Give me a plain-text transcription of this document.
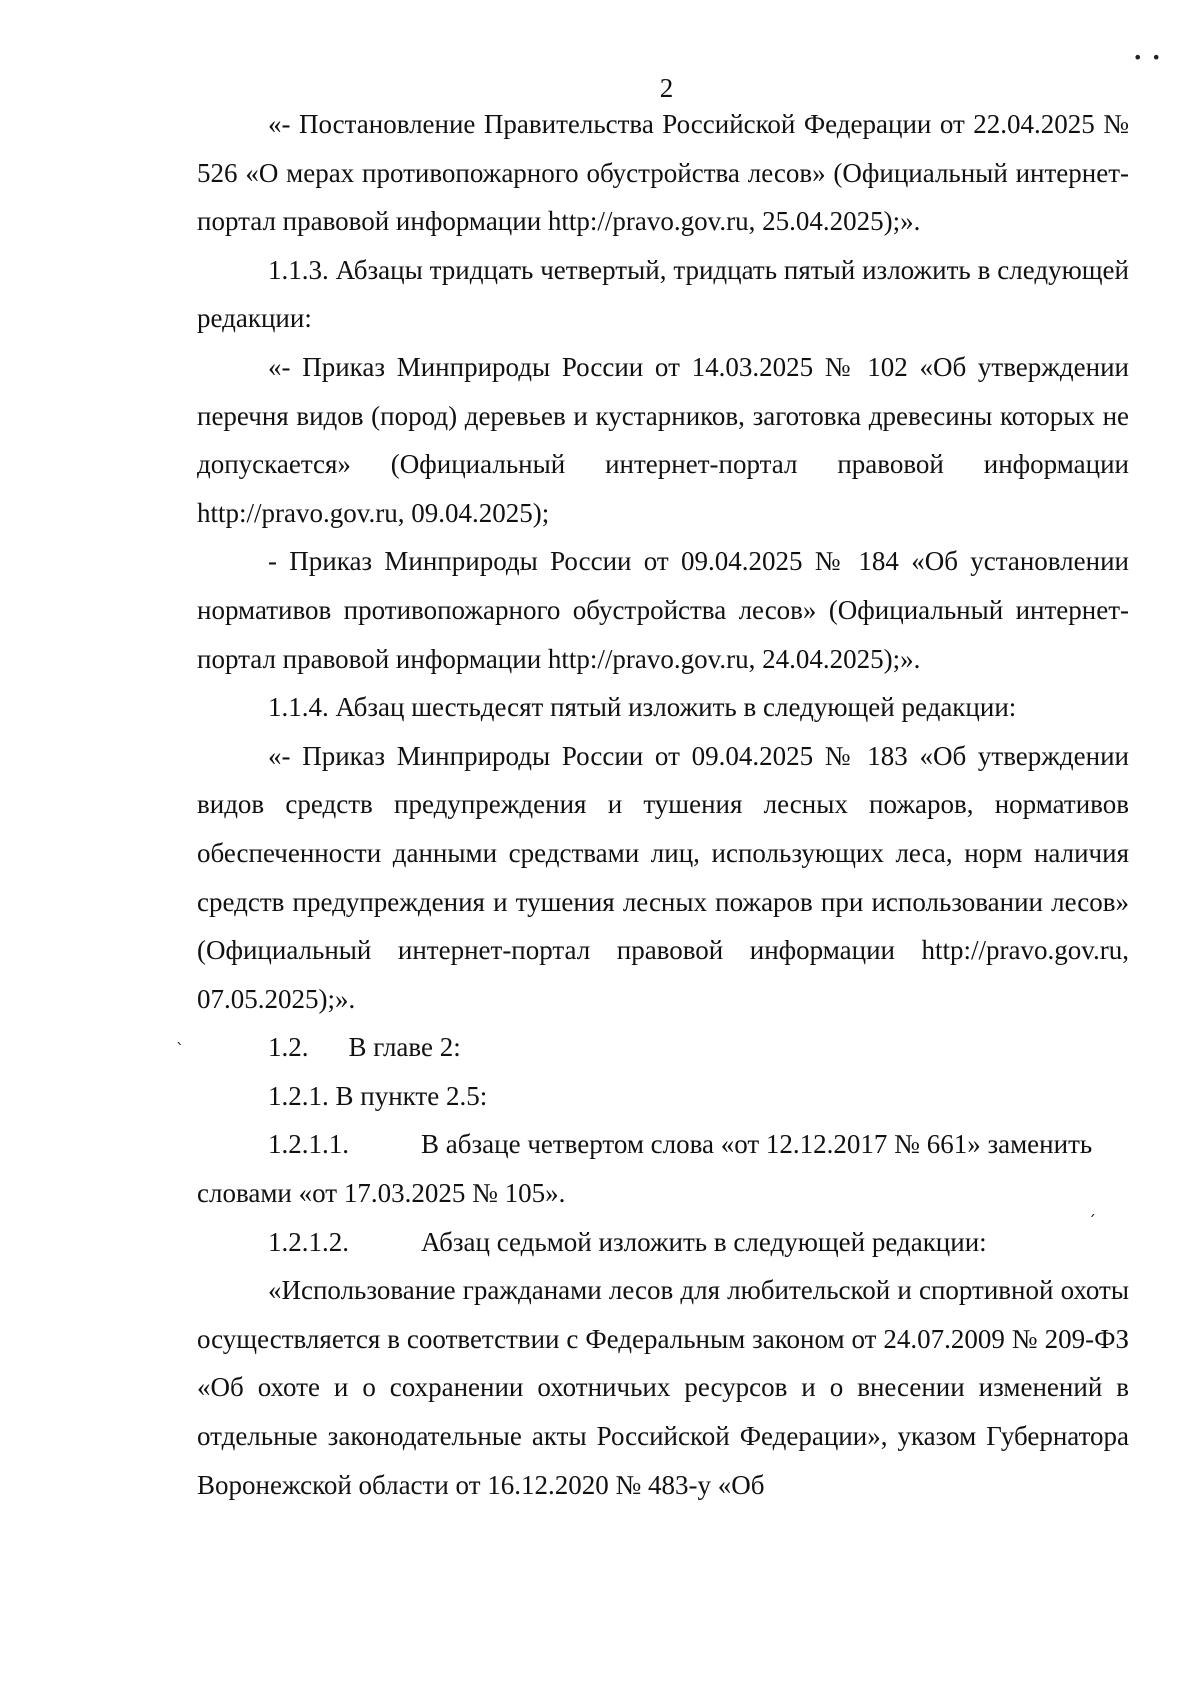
• •
2

«- Постановление Правительства Российской Федерации от 22.04.2025 № 526 «О мерах противопожарного обустройства лесов» (Официальный интернет-портал правовой информации http://pravo.gov.ru, 25.04.2025);».

1.1.3. Абзацы тридцать четвертый, тридцать пятый изложить в следующей редакции:

«- Приказ Минприроды России от 14.03.2025 № 102 «Об утверждении перечня видов (пород) деревьев и кустарников, заготовка древесины которых не допускается» (Официальный интернет-портал правовой информации http://pravo.gov.ru, 09.04.2025);

- Приказ Минприроды России от 09.04.2025 № 184 «Об установлении нормативов противопожарного обустройства лесов» (Официальный интернет-портал правовой информации http://pravo.gov.ru, 24.04.2025);».

1.1.4. Абзац шестьдесят пятый изложить в следующей редакции:

«- Приказ Минприроды России от 09.04.2025 № 183 «Об утверждении видов средств предупреждения и тушения лесных пожаров, нормативов обеспеченности данными средствами лиц, использующих леса, норм наличия средств предупреждения и тушения лесных пожаров при использовании лесов» (Официальный интернет-портал правовой информации http://pravo.gov.ru, 07.05.2025);».

1.2. В главе 2:

1.2.1. В пункте 2.5:

1.2.1.1.	В абзаце четвертом слова «от 12.12.2017 № 661» заменить

словами «от 17.03.2025 № 105».

1.2.1.2.	Абзац седьмой изложить в следующей редакции:

«Использование гражданами лесов для любительской и спортивной охоты осуществляется в соответствии с Федеральным законом от 24.07.2009 № 209-ФЗ «Об охоте и о сохранении охотничьих ресурсов и о внесении изменений в отдельные законодательные акты Российской Федерации», указом Губернатора Воронежской области от 16.12.2020 № 483-у «Об

`
´
